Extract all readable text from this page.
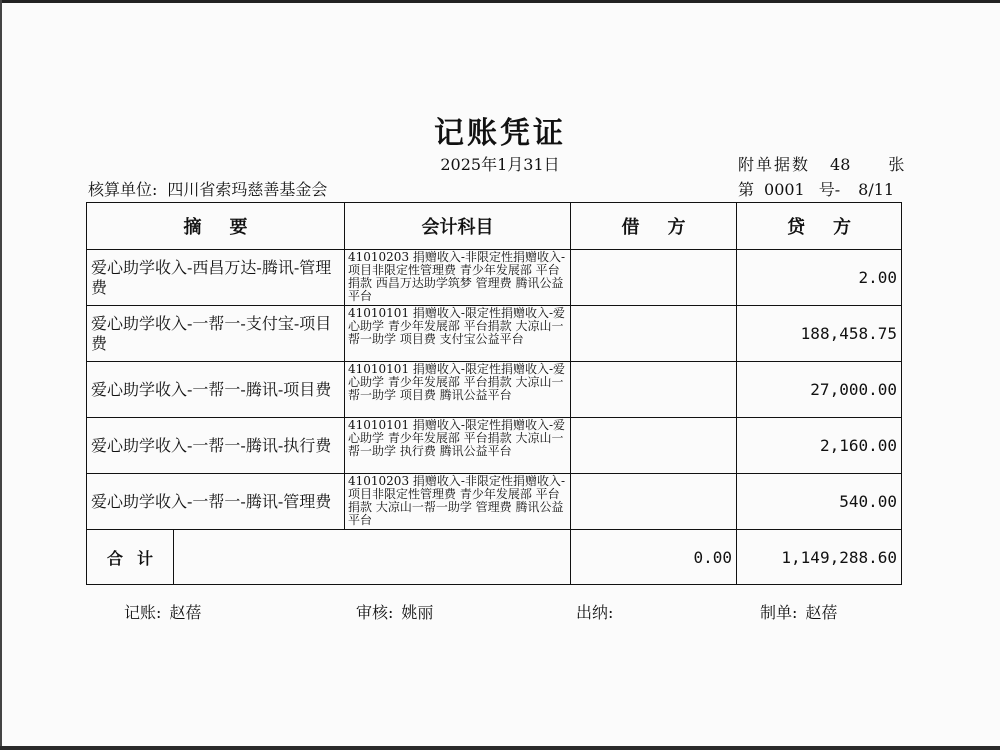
记账凭证
2025年1月31日	附单据数 48 张
核算单位: 四川省索玛慈善基金会	第 0001 号- 8/11
摘要		会计科目	借方	贷方
爱心助学收入-西昌万达-腾讯-管理费		41010203 捐赠收入-非限定性捐赠收入-项目非限定性管理费 青少年发展部 平台捐款 西昌万达助学筑梦 管理费 腾讯公益平台		2.00
爱心助学收入-一帮一-支付宝-项目费		41010101 捐赠收入-限定性捐赠收入-爱心助学 青少年发展部 平台捐款 大凉山一帮一助学 项目费 支付宝公益平台		188,458.75
爱心助学收入-一帮一-腾讯-项目费		41010101 捐赠收入-限定性捐赠收入-爱心助学 青少年发展部 平台捐款 大凉山一帮一助学 项目费 腾讯公益平台		27,000.00
爱心助学收入-一帮一-腾讯-执行费		41010101 捐赠收入-限定性捐赠收入-爱心助学 青少年发展部 平台捐款 大凉山一帮一助学 执行费 腾讯公益平台		2,160.00
爱心助学收入-一帮一-腾讯-管理费		41010203 捐赠收入-非限定性捐赠收入-项目非限定性管理费 青少年发展部 平台捐款 大凉山一帮一助学 管理费 腾讯公益平台		540.00
合计			0.00	1,149,288.60
记账: 赵蓓	审核: 姚丽	出纳:	制单: 赵蓓
